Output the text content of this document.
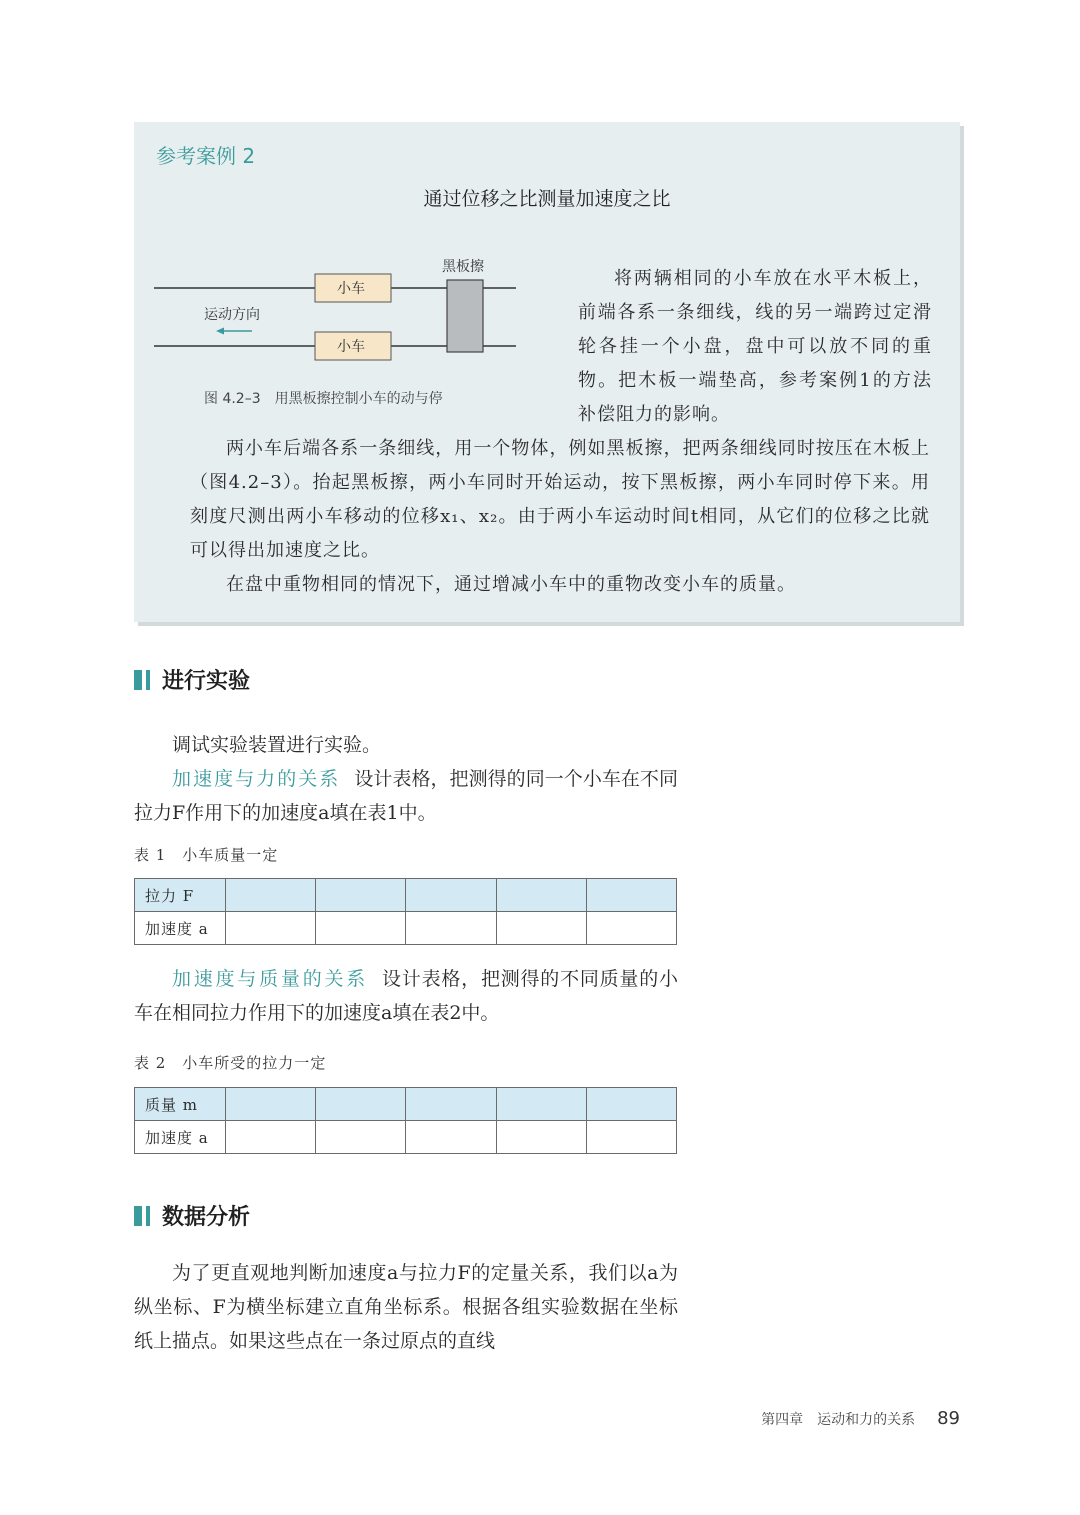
参考案例 2
通过位移之比测量加速度之比
小车
小车
黑板擦
运动方向
图 4.2–3　用黑板擦控制小车的动与停

将两辆相同的小车放在水平木板上，前端各系一条细线，线的另一端跨过定滑轮各挂一个小盘，盘中可以放不同的重物。把木板一端垫高，参考案例1的方法补偿阻力的影响。

两小车后端各系一条细线，用一个物体，例如黑板擦，把两条细线同时按压在木板上（图4.2–3）。抬起黑板擦，两小车同时开始运动，按下黑板擦，两小车同时停下来。用刻度尺测出两小车移动的位移x₁、x₂。由于两小车运动时间t相同，从它们的位移之比就可以得出加速度之比。

在盘中重物相同的情况下，通过增减小车中的重物改变小车的质量。

进行实验

调试实验装置进行实验。

加速度与力的关系 设计表格，把测得的同一个小车在不同拉力F作用下的加速度a填在表1中。

表 1　小车质量一定

拉力 F					
加速度 a					

加速度与质量的关系 设计表格，把测得的不同质量的小车在相同拉力作用下的加速度a填在表2中。

表 2　小车所受的拉力一定

质量 m					
加速度 a					
数据分析

为了更直观地判断加速度a与拉力F的定量关系，我们以a为纵坐标、F为横坐标建立直角坐标系。根据各组实验数据在坐标纸上描点。如果这些点在一条过原点的直线

第四章　运动和力的关系 89
